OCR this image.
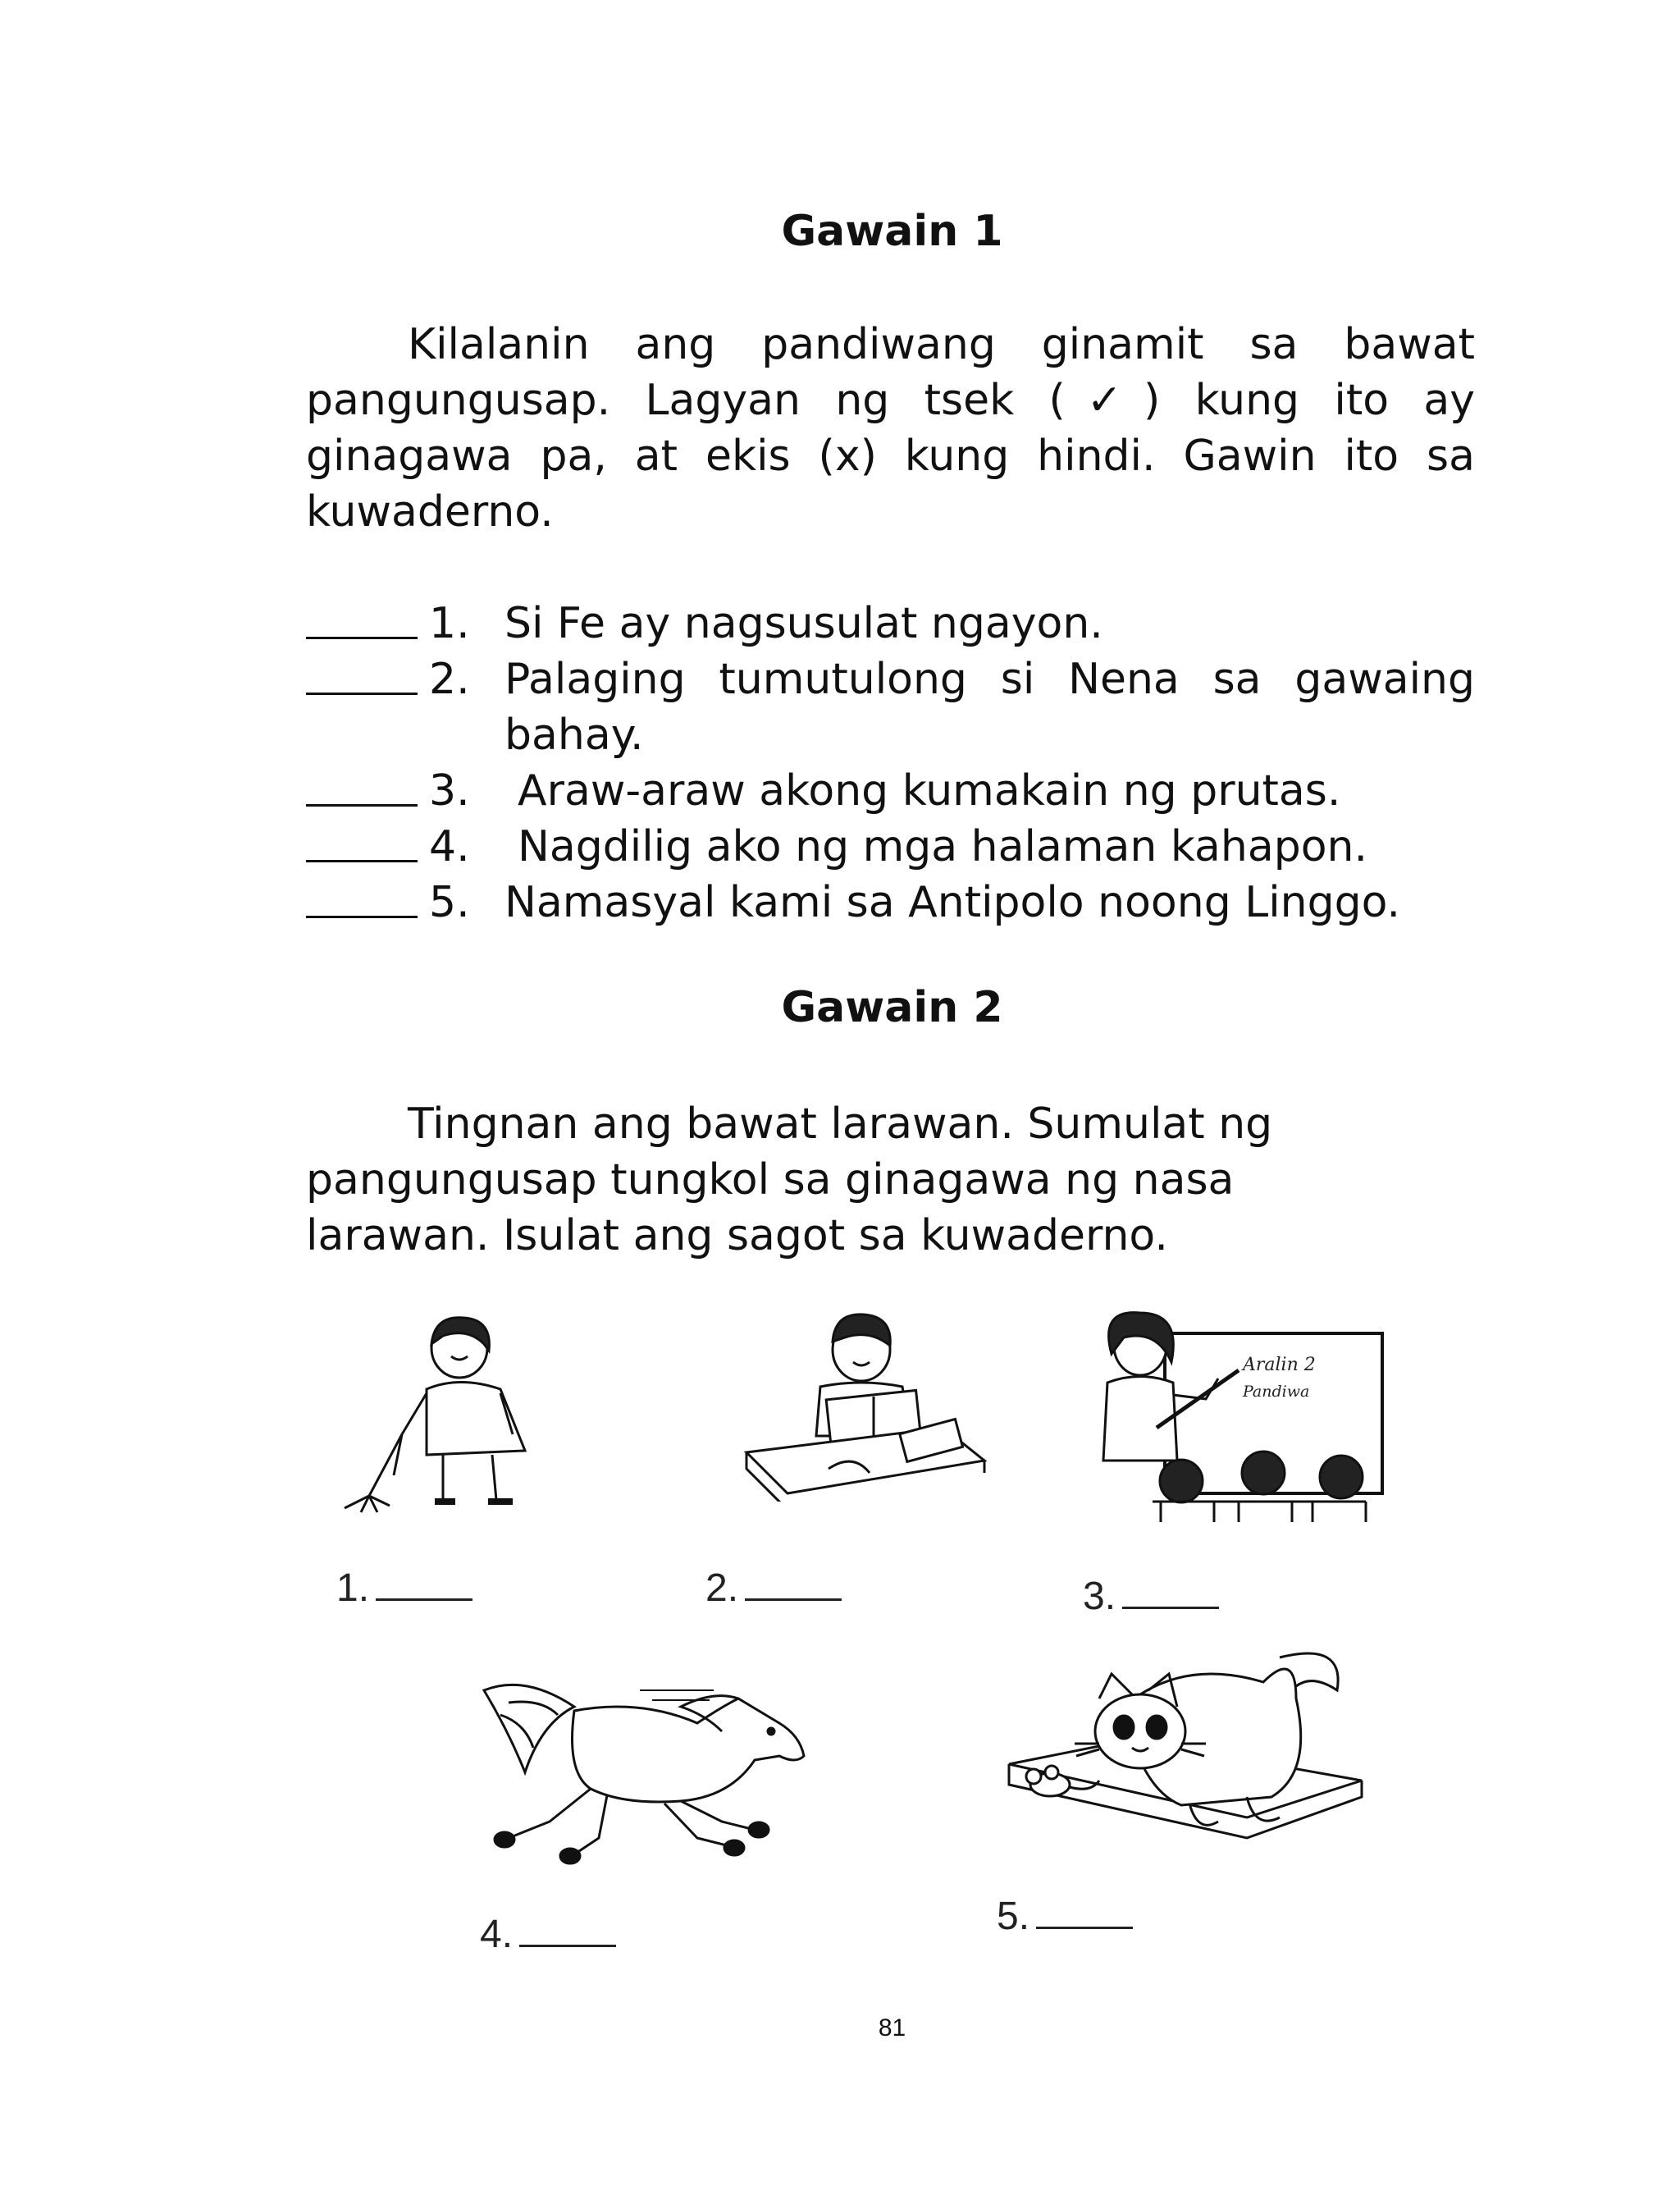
Gawain 1
Kilalanin ang pandiwang ginamit sa bawat
pangungusap. Lagyan ng tsek (✓) kung ito ay
ginagawa pa, at ekis (x) kung hindi. Gawin ito sa
kuwaderno.
1. Si Fe ay nagsusulat ngayon.
2. Palaging tumutulong si Nena sa gawaing
bahay.
3.	Araw-araw akong kumakain ng prutas.
4.	Nagdilig ako ng mga halaman kahapon.
5. Namasyal kami sa Antipolo noong Linggo.
Gawain 2
Tingnan ang bawat larawan. Sumulat ng
pangungusap tungkol sa ginagawa ng nasa
larawan. Isulat ang sagot sa kuwaderno.
Aralin 2
Pandiwa
1.	2.	3.
4.	5.
81
